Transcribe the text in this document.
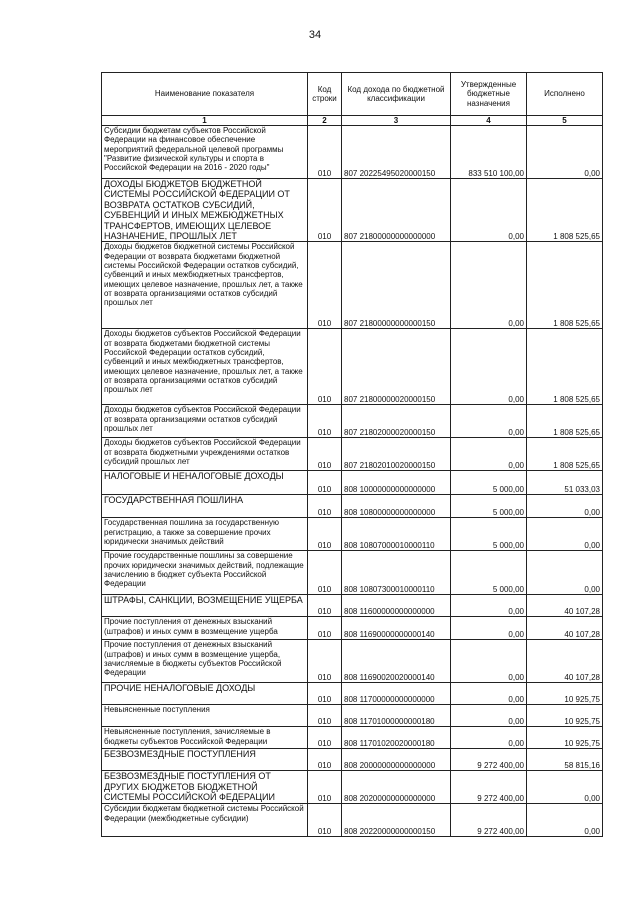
34
Наименование показателя	Код строки	Код дохода по бюджетной классификации	Утвержденные бюджетные назначения	Исполнено
1	2	3	4	5
Субсидии бюджетам субъектов Российской Федерации на финансовое обеспечение мероприятий федеральной целевой программы "Развитие физической культуры и спорта в Российской Федерации на 2016 - 2020 годы"	010	807 20225495020000150	833 510 100,00	0,00
ДОХОДЫ БЮДЖЕТОВ БЮДЖЕТНОЙ СИСТЕМЫ РОССИЙСКОЙ ФЕДЕРАЦИИ ОТ ВОЗВРАТА ОСТАТКОВ СУБСИДИЙ, СУБВЕНЦИЙ И ИНЫХ МЕЖБЮДЖЕТНЫХ ТРАНСФЕРТОВ, ИМЕЮЩИХ ЦЕЛЕВОЕ НАЗНАЧЕНИЕ, ПРОШЛЫХ ЛЕТ	010	807 21800000000000000	0,00	1 808 525,65
Доходы бюджетов бюджетной системы Российской Федерации от возврата бюджетами бюджетной системы Российской Федерации остатков субсидий, субвенций и иных межбюджетных трансфертов, имеющих целевое назначение, прошлых лет, а также от возврата организациями остатков субсидий прошлых лет	010	807 21800000000000150	0,00	1 808 525,65
Доходы бюджетов субъектов Российской Федерации от возврата бюджетами бюджетной системы Российской Федерации остатков субсидий, субвенций и иных межбюджетных трансфертов, имеющих целевое назначение, прошлых лет, а также от возврата организациями остатков субсидий прошлых лет	010	807 21800000020000150	0,00	1 808 525,65
Доходы бюджетов субъектов Российской Федерации от возврата организациями остатков субсидий прошлых лет	010	807 21802000020000150	0,00	1 808 525,65
Доходы бюджетов субъектов Российской Федерации от возврата бюджетными учреждениями остатков субсидий прошлых лет	010	807 21802010020000150	0,00	1 808 525,65
НАЛОГОВЫЕ И НЕНАЛОГОВЫЕ ДОХОДЫ	010	808 10000000000000000	5 000,00	51 033,03
ГОСУДАРСТВЕННАЯ ПОШЛИНА	010	808 10800000000000000	5 000,00	0,00
Государственная пошлина за государственную регистрацию, а также за совершение прочих юридически значимых действий	010	808 10807000010000110	5 000,00	0,00
Прочие государственные пошлины за совершение прочих юридически значимых действий, подлежащие зачислению в бюджет субъекта Российской Федерации	010	808 10807300010000110	5 000,00	0,00
ШТРАФЫ, САНКЦИИ, ВОЗМЕЩЕНИЕ УЩЕРБА	010	808 11600000000000000	0,00	40 107,28
Прочие поступления от денежных взысканий (штрафов) и иных сумм в возмещение ущерба	010	808 11690000000000140	0,00	40 107,28
Прочие поступления от денежных взысканий (штрафов) и иных сумм в возмещение ущерба, зачисляемые в бюджеты субъектов Российской Федерации	010	808 11690020020000140	0,00	40 107,28
ПРОЧИЕ НЕНАЛОГОВЫЕ ДОХОДЫ	010	808 11700000000000000	0,00	10 925,75
Невыясненные поступления	010	808 11701000000000180	0,00	10 925,75
Невыясненные поступления, зачисляемые в бюджеты субъектов Российской Федерации	010	808 11701020020000180	0,00	10 925,75
БЕЗВОЗМЕЗДНЫЕ ПОСТУПЛЕНИЯ	010	808 20000000000000000	9 272 400,00	58 815,16
БЕЗВОЗМЕЗДНЫЕ ПОСТУПЛЕНИЯ ОТ ДРУГИХ БЮДЖЕТОВ БЮДЖЕТНОЙ СИСТЕМЫ РОССИЙСКОЙ ФЕДЕРАЦИИ	010	808 20200000000000000	9 272 400,00	0,00
Субсидии бюджетам бюджетной системы Российской Федерации (межбюджетные субсидии)	010	808 20220000000000150	9 272 400,00	0,00
